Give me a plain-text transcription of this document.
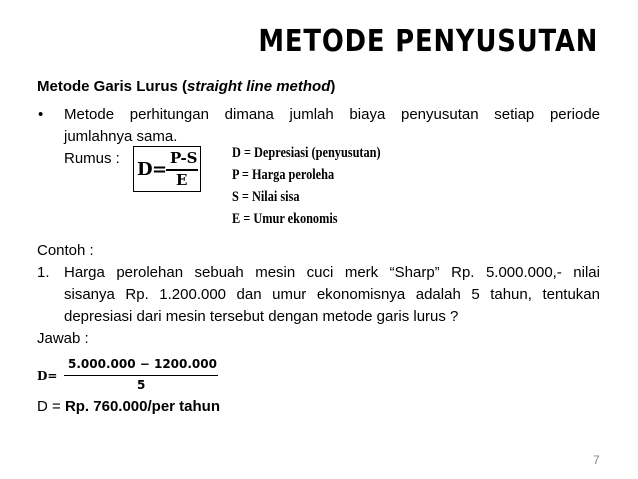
METODE PENYUSUTAN
Metode Garis Lurus (straight line method)
• Metode perhitungan dimana jumlah biaya penyusutan setiap periode
jumlahnya sama.
Rumus :
D =
P-S
E
D = Depresiasi (penyusutan)
P = Harga peroleha
S = Nilai sisa
E = Umur ekonomis
Contoh :
1. Harga perolehan sebuah mesin cuci merk “Sharp” Rp. 5.000.000,- nilai
sisanya Rp. 1.200.000 dan umur ekonomisnya adalah 5 tahun, tentukan
depresiasi dari mesin tersebut dengan metode garis lurus ?
Jawab :
D=
5.000.000 − 1200.000
5
D = Rp. 760.000/per tahun
7
